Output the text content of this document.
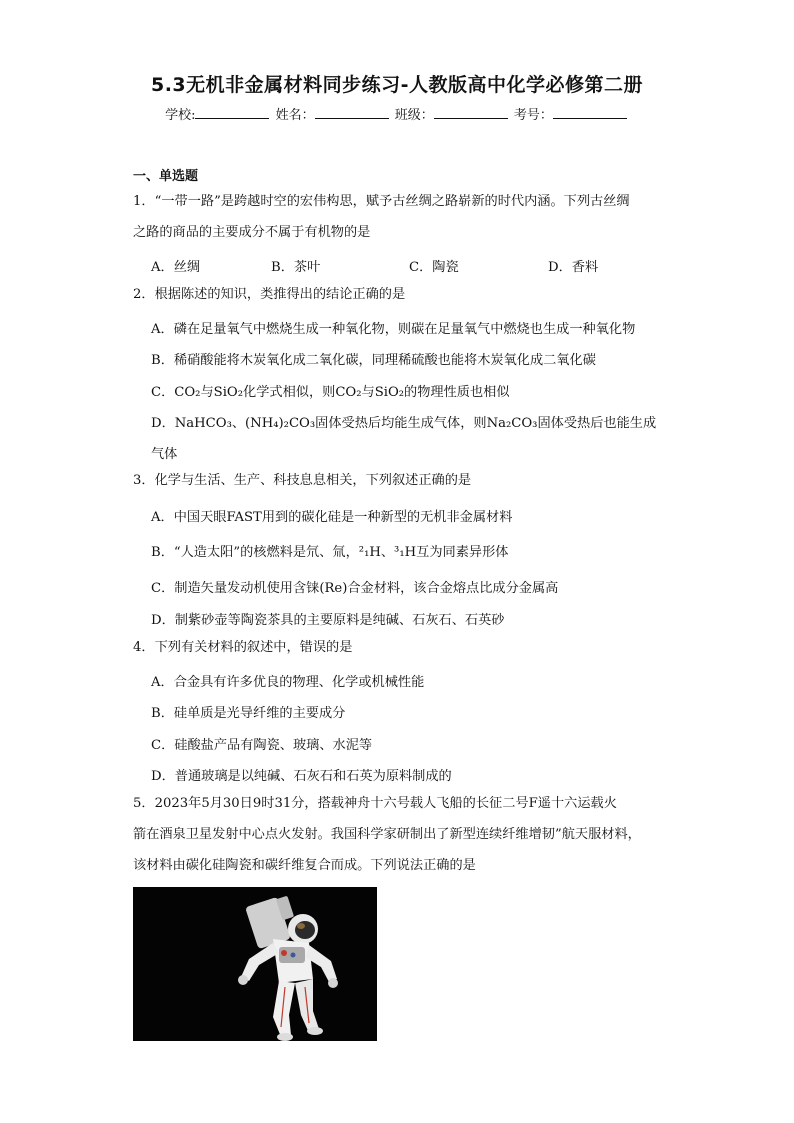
5.3无机非金属材料同步练习-人教版高中化学必修第二册
学校:	姓名：	班级：	考号：
一、单选题
1．“一带一路”是跨越时空的宏伟构思，赋予古丝绸之路崭新的时代内涵。下列古丝绸
之路的商品的主要成分不属于有机物的是
A．丝绸	B．茶叶	C．陶瓷	D．香料
2．根据陈述的知识，类推得出的结论正确的是
A．磷在足量氧气中燃烧生成一种氧化物，则碳在足量氧气中燃烧也生成一种氧化物
B．稀硝酸能将木炭氧化成二氧化碳，同理稀硫酸也能将木炭氧化成二氧化碳
C．CO₂与SiO₂化学式相似，则CO₂与SiO₂的物理性质也相似
D．NaHCO₃、(NH₄)₂CO₃固体受热后均能生成气体，则Na₂CO₃固体受热后也能生成
气体
3．化学与生活、生产、科技息息相关，下列叙述正确的是
A．中国天眼FAST用到的碳化硅是一种新型的无机非金属材料
B．“人造太阳”的核燃料是氘、氚，²₁H、³₁H互为同素异形体
C．制造矢量发动机使用含铼(Re)合金材料，该合金熔点比成分金属高
D．制紫砂壶等陶瓷茶具的主要原料是纯碱、石灰石、石英砂
4．下列有关材料的叙述中，错误的是
A．合金具有许多优良的物理、化学或机械性能
B．硅单质是光导纤维的主要成分
C．硅酸盐产品有陶瓷、玻璃、水泥等
D．普通玻璃是以纯碱、石灰石和石英为原料制成的
5．2023年5月30日9时31分，搭载神舟十六号载人飞船的长征二号F遥十六运载火
箭在酒泉卫星发射中心点火发射。我国科学家研制出了新型连续纤维增韧”航天服材料，
该材料由碳化硅陶瓷和碳纤维复合而成。下列说法正确的是
